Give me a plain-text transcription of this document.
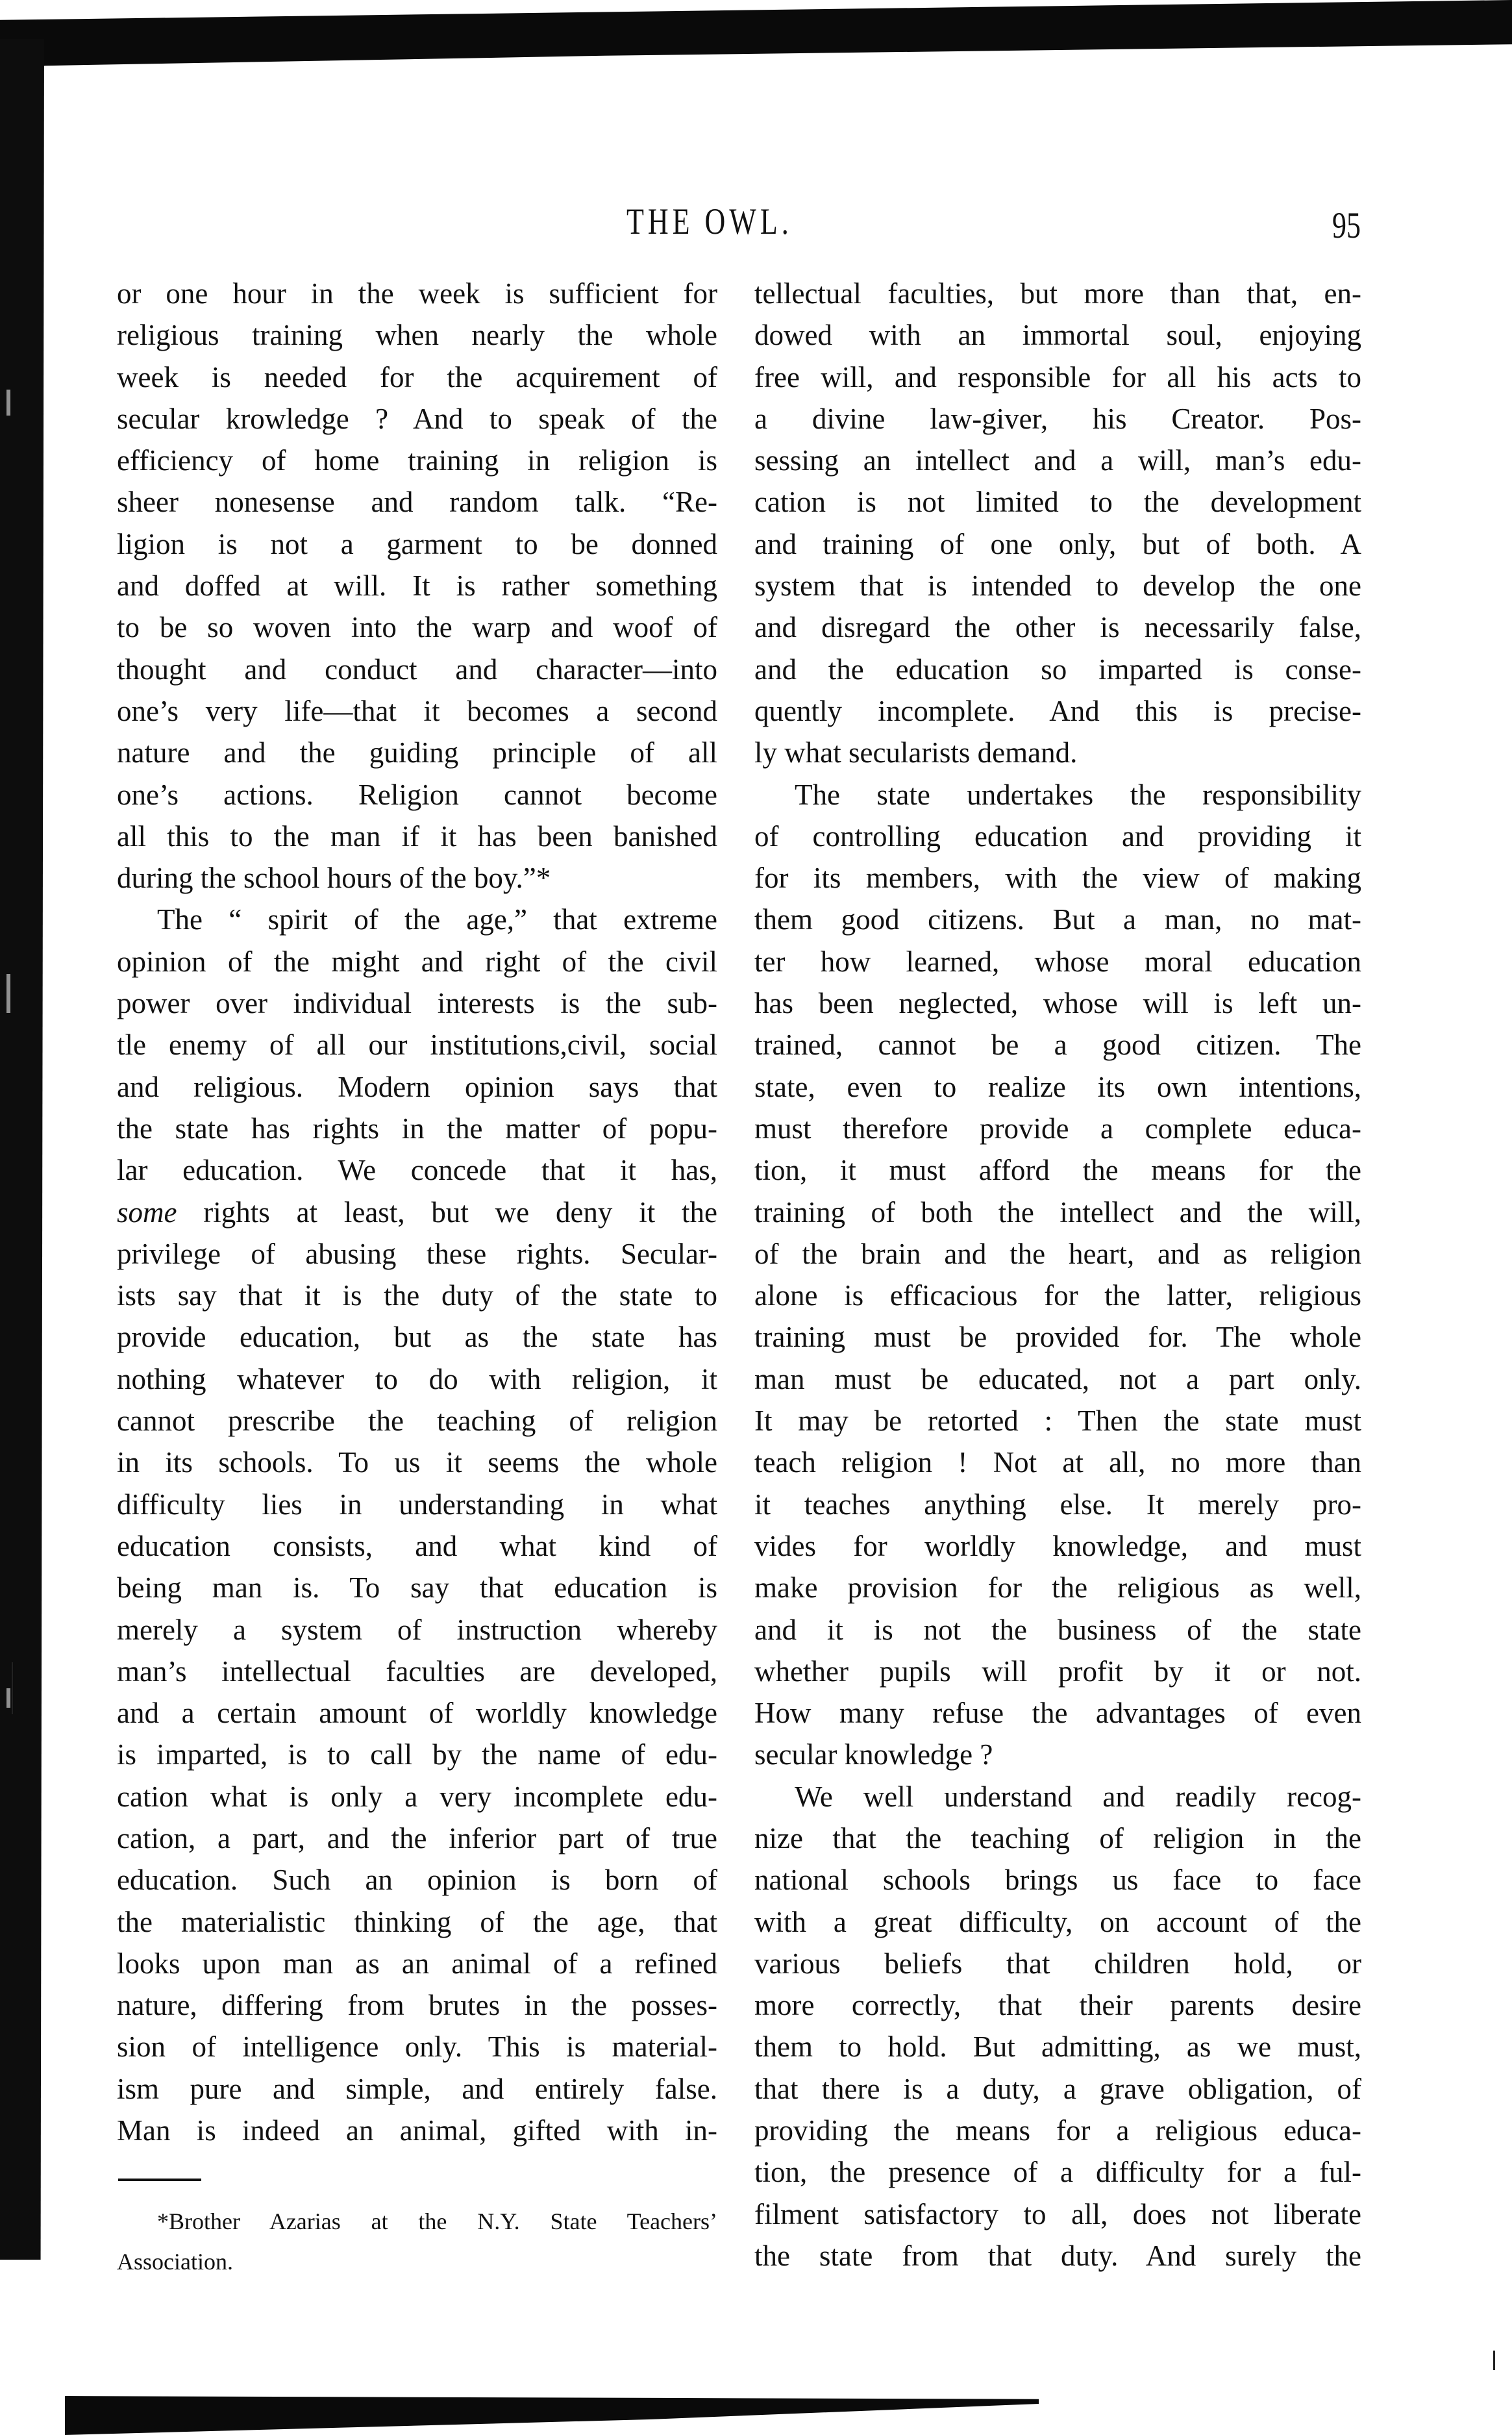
THE OWL.	95
or one hour in the week is sufficient for
religious training when nearly the whole
week is needed for the acquirement of
secular krowledge ? And to speak of the
efficiency of home training in religion is
sheer nonesense and random talk. “Re-
ligion is not a garment to be donned
and doffed at will. It is rather something
to be so woven into the warp and woof of
thought and conduct and character—into
one’s very life—that it becomes a second
nature and the guiding principle of all
one’s actions. Religion cannot become
all this to the man if it has been banished
during the school hours of the boy.”*
The “ spirit of the age,” that extreme
opinion of the might and right of the civil
power over individual interests is the sub-
tle enemy of all our institutions,civil, social
and religious. Modern opinion says that
the state has rights in the matter of popu-
lar education. We concede that it has,
some rights at least, but we deny it the
privilege of abusing these rights. Secular-
ists say that it is the duty of the state to
provide education, but as the state has
nothing whatever to do with religion, it
cannot prescribe the teaching of religion
in its schools. To us it seems the whole
difficulty lies in understanding in what
education consists, and what kind of
being man is. To say that education is
merely a system of instruction whereby
man’s intellectual faculties are developed,
and a certain amount of worldly knowledge
is imparted, is to call by the name of edu-
cation what is only a very incomplete edu-
cation, a part, and the inferior part of true
education. Such an opinion is born of
the materialistic thinking of the age, that
looks upon man as an animal of a refined
nature, differing from brutes in the posses-
sion of intelligence only. This is material-
ism pure and simple, and entirely false.
Man is indeed an animal, gifted with in-
*Brother Azarias at the N.Y. State Teachers’
Association.
tellectual faculties, but more than that, en-
dowed with an immortal soul, enjoying
free will, and responsible for all his acts to
a divine law-giver, his Creator. Pos-
sessing an intellect and a will, man’s edu-
cation is not limited to the development
and training of one only, but of both. A
system that is intended to develop the one
and disregard the other is necessarily false,
and the education so imparted is conse-
quently incomplete. And this is precise-
ly what secularists demand.
The state undertakes the responsibility
of controlling education and providing it
for its members, with the view of making
them good citizens. But a man, no mat-
ter how learned, whose moral education
has been neglected, whose will is left un-
trained, cannot be a good citizen. The
state, even to realize its own intentions,
must therefore provide a complete educa-
tion, it must afford the means for the
training of both the intellect and the will,
of the brain and the heart, and as religion
alone is efficacious for the latter, religious
training must be provided for. The whole
man must be educated, not a part only.
It may be retorted : Then the state must
teach religion ! Not at all, no more than
it teaches anything else. It merely pro-
vides for worldly knowledge, and must
make provision for the religious as well,
and it is not the business of the state
whether pupils will profit by it or not.
How many refuse the advantages of even
secular knowledge ?
We well understand and readily recog-
nize that the teaching of religion in the
national schools brings us face to face
with a great difficulty, on account of the
various beliefs that children hold, or
more correctly, that their parents desire
them to hold. But admitting, as we must,
that there is a duty, a grave obligation, of
providing the means for a religious educa-
tion, the presence of a difficulty for a ful-
filment satisfactory to all, does not liberate
the state from that duty. And surely the
